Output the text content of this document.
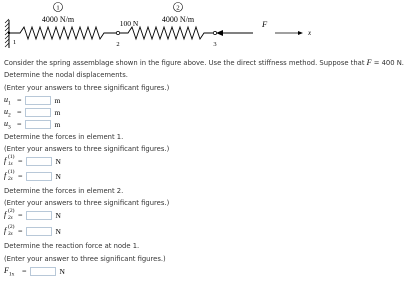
1	2
4000 N/m	4000 N/m
100 N
1	2	3
F
x
Consider the spring assemblage shown in the figure above. Use the direct stiffness method. Suppose that F = 400 N.
Determine the nodal displacements.
(Enter your answers to three significant figures.)
$u_1$ =	m
$u_2$ =	m
$u_3$ =	m
Determine the forces in element 1.
(Enter your answers to three significant figures.)
f (1)
1x =	N
f (1)
2x =	N
Determine the forces in element 2.
(Enter your answers to three significant figures.)
f (2)
2x =	N
f (2)
3x =	N
Determine the reaction force at node 1.
(Enter your answer to three significant figures.)
$F_{1x}$ =	N
